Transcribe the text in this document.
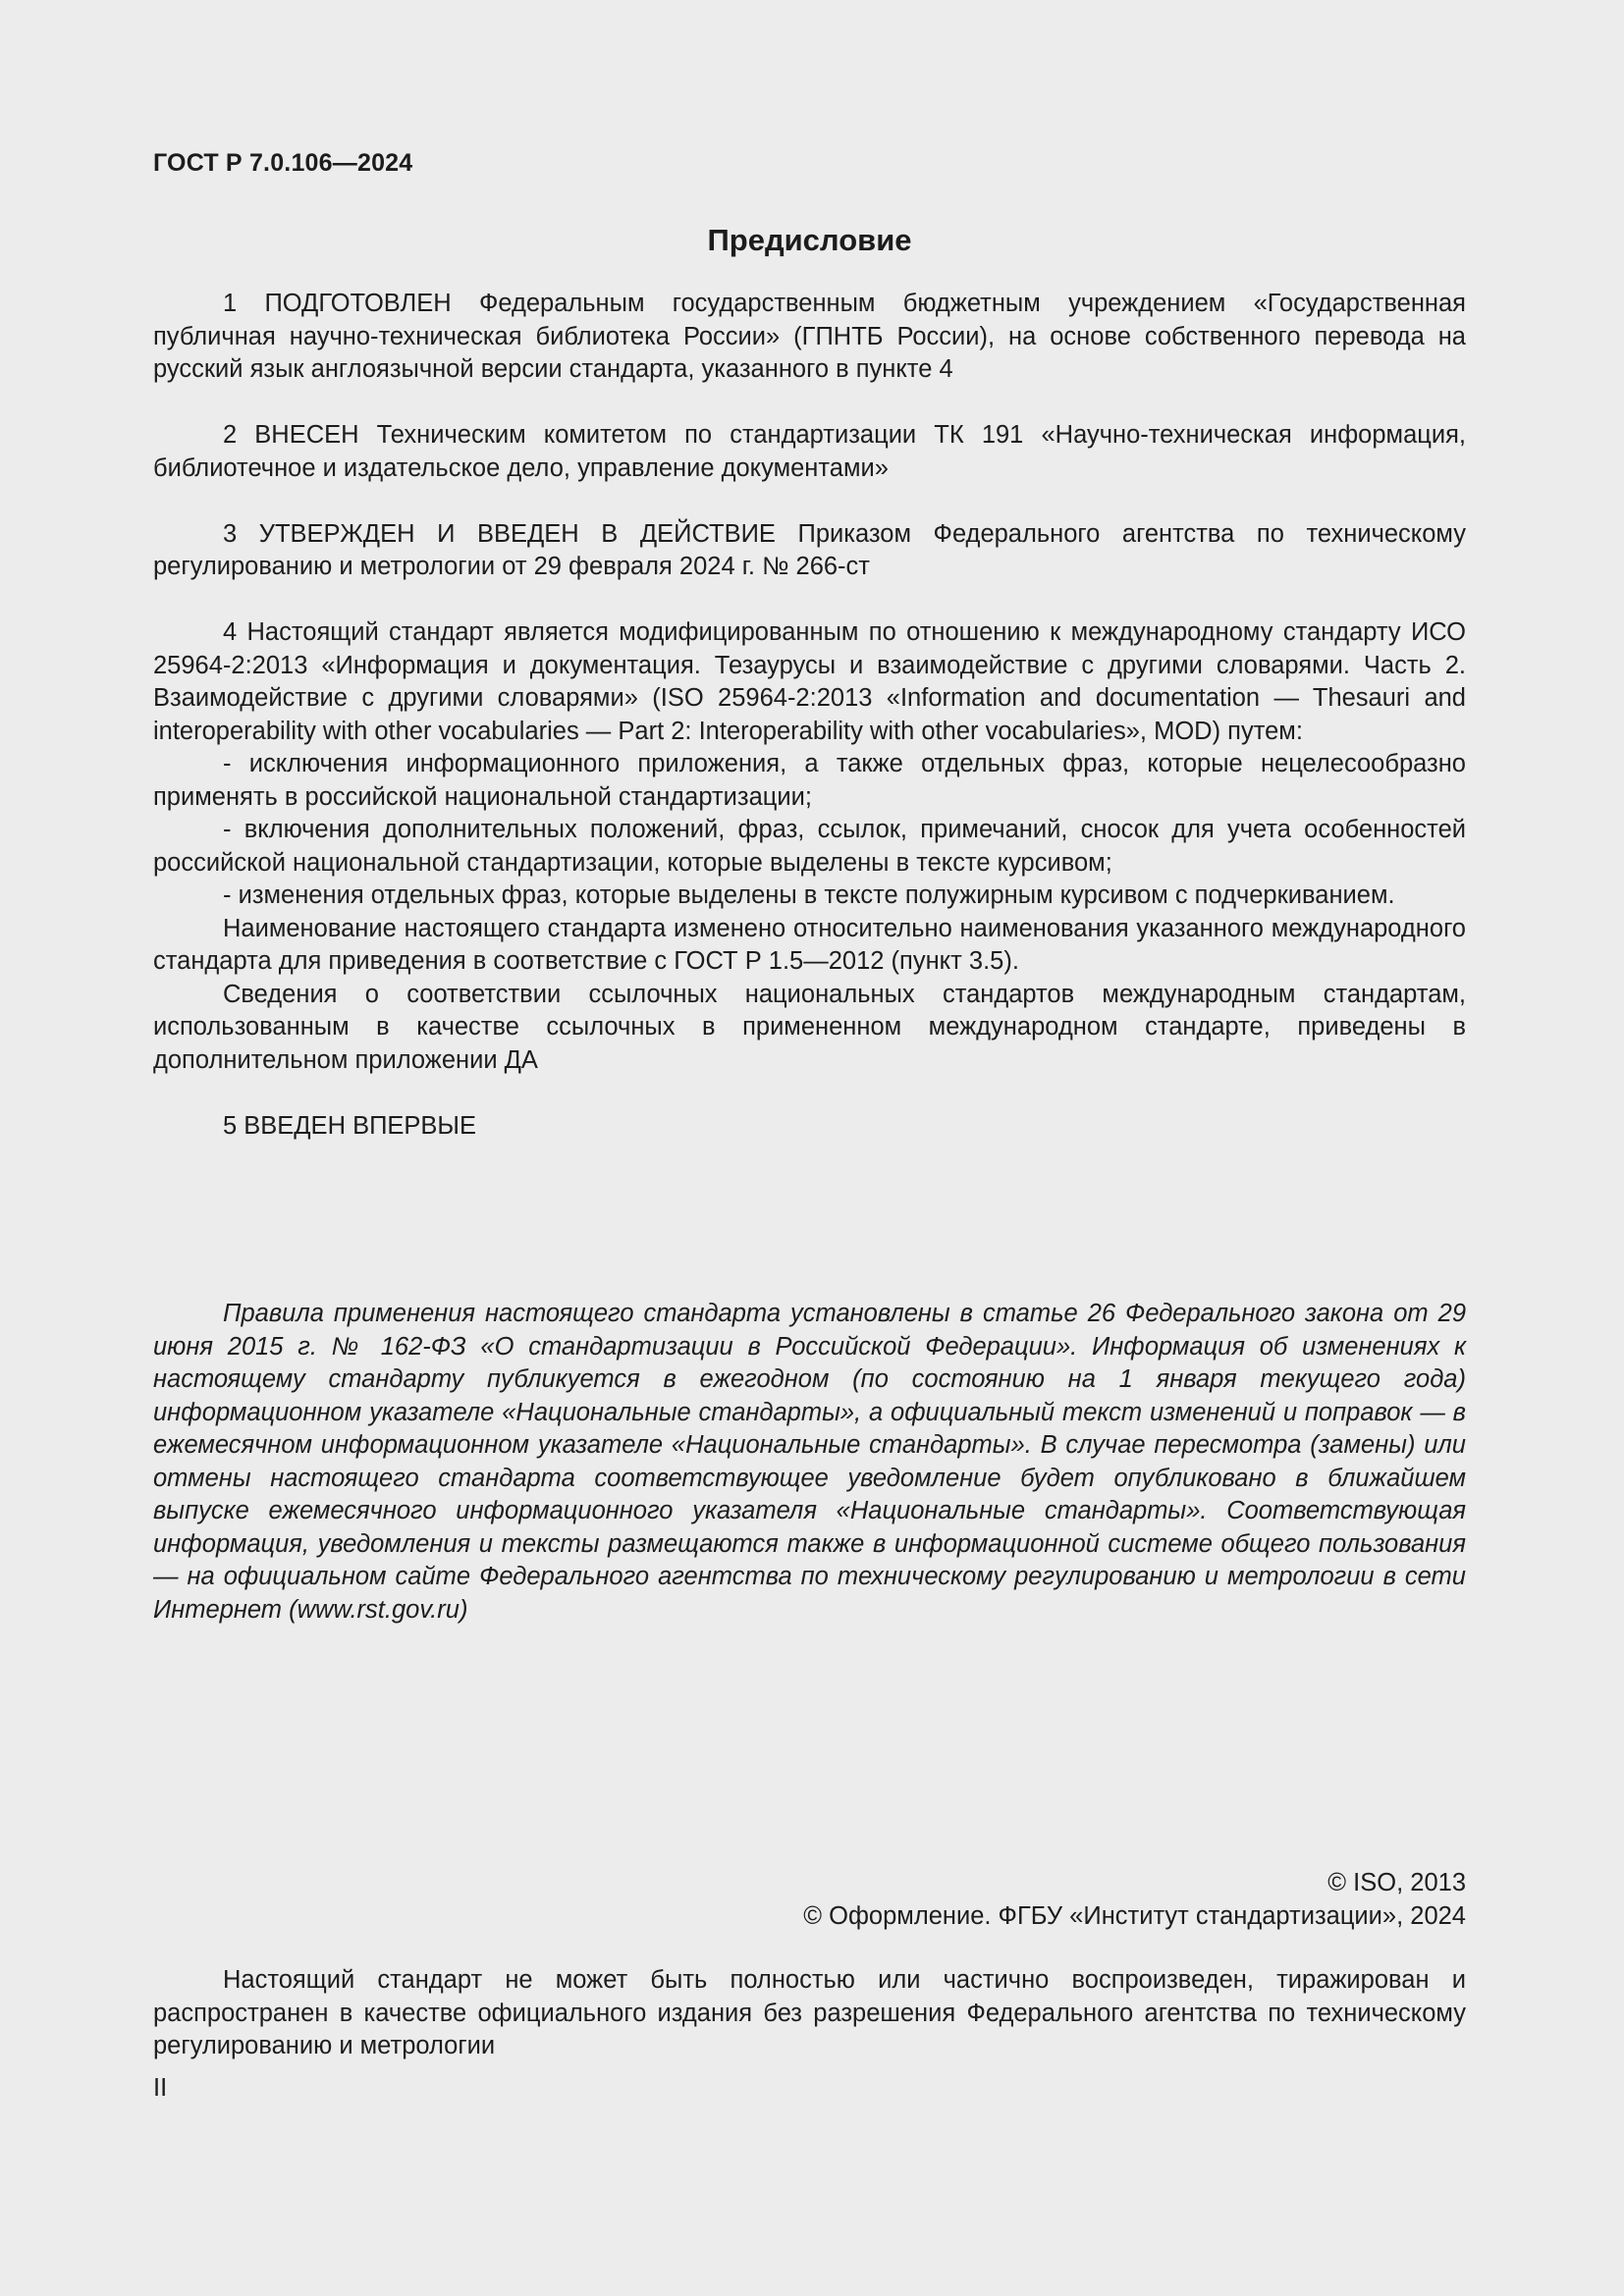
ГОСТ Р 7.0.106—2024
Предисловие

1 ПОДГОТОВЛЕН Федеральным государственным бюджетным учреждением «Государственная публичная научно-техническая библиотека России» (ГПНТБ России), на основе собственного перевода на русский язык англоязычной версии стандарта, указанного в пункте 4

2 ВНЕСЕН Техническим комитетом по стандартизации ТК 191 «Научно-техническая информация, библиотечное и издательское дело, управление документами»

3 УТВЕРЖДЕН И ВВЕДЕН В ДЕЙСТВИЕ Приказом Федерального агентства по техническому регулированию и метрологии от 29 февраля 2024 г. № 266-ст

4 Настоящий стандарт является модифицированным по отношению к международному стандарту ИСО 25964-2:2013 «Информация и документация. Тезаурусы и взаимодействие с другими словарями. Часть 2. Взаимодействие с другими словарями» (ISO 25964-2:2013 «Information and documentation — Thesauri and interoperability with other vocabularies — Part 2: Interoperability with other vocabularies», MOD) путем:

- исключения информационного приложения, а также отдельных фраз, которые нецелесообразно применять в российской национальной стандартизации;

- включения дополнительных положений, фраз, ссылок, примечаний, сносок для учета особенностей российской национальной стандартизации, которые выделены в тексте курсивом;

- изменения отдельных фраз, которые выделены в тексте полужирным курсивом с подчеркиванием.

Наименование настоящего стандарта изменено относительно наименования указанного международного стандарта для приведения в соответствие с ГОСТ Р 1.5—2012 (пункт 3.5).

Сведения о соответствии ссылочных национальных стандартов международным стандартам, использованным в качестве ссылочных в примененном международном стандарте, приведены в дополнительном приложении ДА

5 ВВЕДЕН ВПЕРВЫЕ

Правила применения настоящего стандарта установлены в статье 26 Федерального закона от 29 июня 2015 г. № 162-ФЗ «О стандартизации в Российской Федерации». Информация об изменениях к настоящему стандарту публикуется в ежегодном (по состоянию на 1 января текущего года) информационном указателе «Национальные стандарты», а официальный текст изменений и поправок — в ежемесячном информационном указателе «Национальные стандарты». В случае пересмотра (замены) или отмены настоящего стандарта соответствующее уведомление будет опубликовано в ближайшем выпуске ежемесячного информационного указателя «Национальные стандарты». Соответствующая информация, уведомления и тексты размещаются также в информационной системе общего пользования — на официальном сайте Федерального агентства по техническому регулированию и метрологии в сети Интернет (www.rst.gov.ru)
© ISO, 2013
© Оформление. ФГБУ «Институт стандартизации», 2024
Настоящий стандарт не может быть полностью или частично воспроизведен, тиражирован и распространен в качестве официального издания без разрешения Федерального агентства по техническому регулированию и метрологии
II
